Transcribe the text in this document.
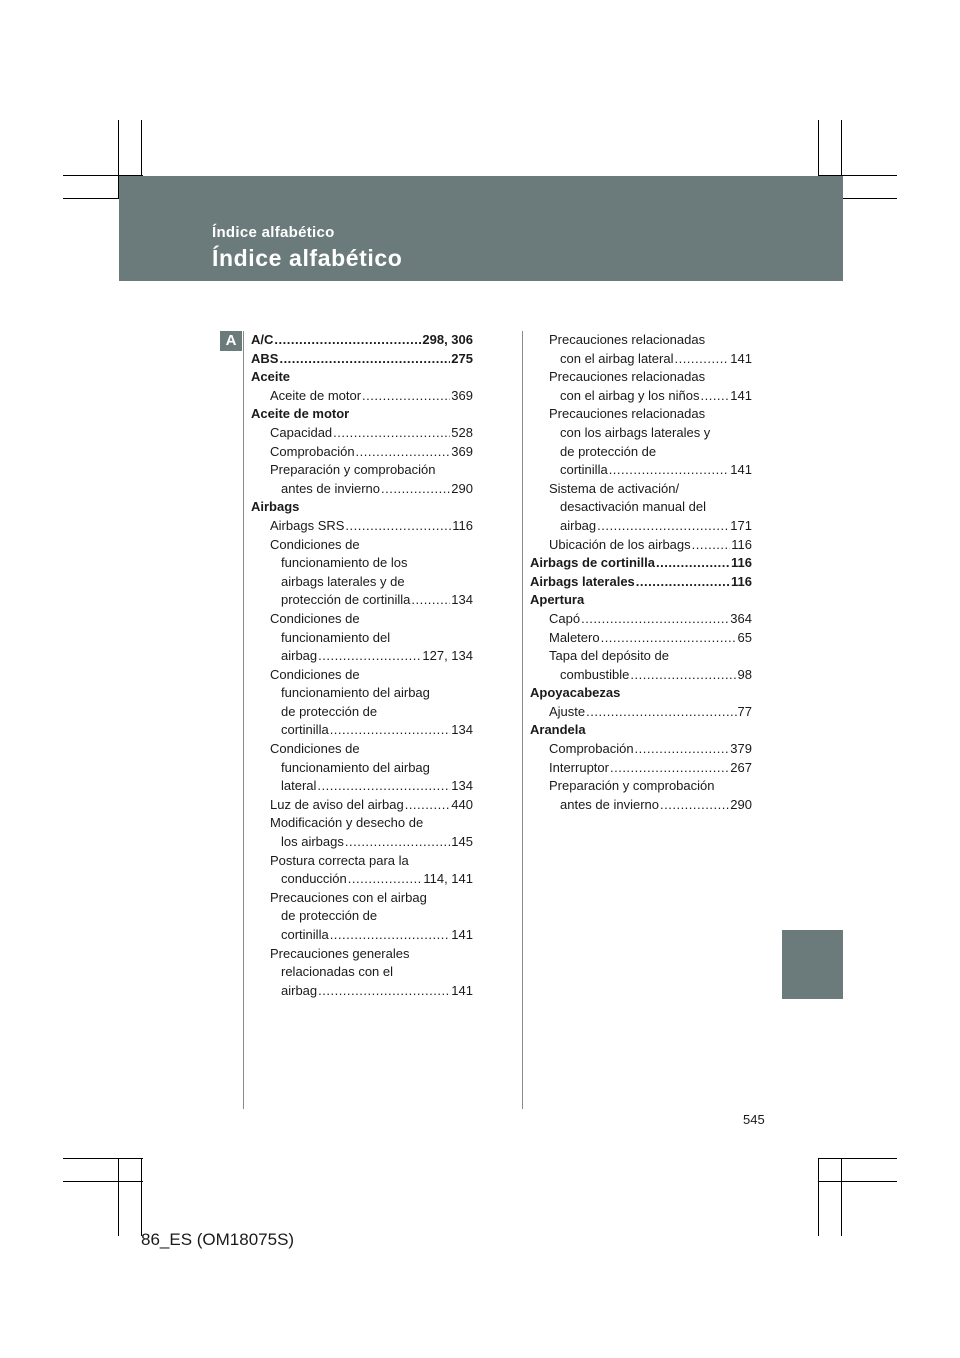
Índice alfabético
Índice alfabético
A	A/C .....	298, 306
ABS .....	275
Aceite
Aceite de motor .....	369
Aceite de motor
Capacidad .....	528
Comprobación .....	369
Preparación y comprobación
antes de invierno .....	290
Airbags
Airbags SRS .....	116
Condiciones de
funcionamiento de los
airbags laterales y de
protección de cortinilla .....	134
Condiciones de
funcionamiento del
airbag .....	127, 134
Condiciones de
funcionamiento del airbag
de protección de
cortinilla .....	134
Condiciones de
funcionamiento del airbag
lateral .....	134
Luz de aviso del airbag .....	440
Modificación y desecho de
los airbags .....	145
Postura correcta para la
conducción .....	114, 141
Precauciones con el airbag
de protección de
cortinilla .....	141
Precauciones generales
relacionadas con el
airbag .....	141
Precauciones relacionadas
con el airbag lateral .....	141
Precauciones relacionadas
con el airbag y los niños ..... 141
Precauciones relacionadas
con los airbags laterales y
de protección de
cortinilla .....	141
Sistema de activación/
desactivación manual del
airbag .....	171
Ubicación de los airbags .....	116
Airbags de cortinilla .....	116
Airbags laterales .....	116
Apertura
Capó .....	364
Maletero .....	65
Tapa del depósito de
combustible .....	98
Apoyacabezas
Ajuste .....	77
Arandela
Comprobación .....	379
Interruptor .....	267
Preparación y comprobación
antes de invierno .....	290
545
86_ES (OM18075S)
